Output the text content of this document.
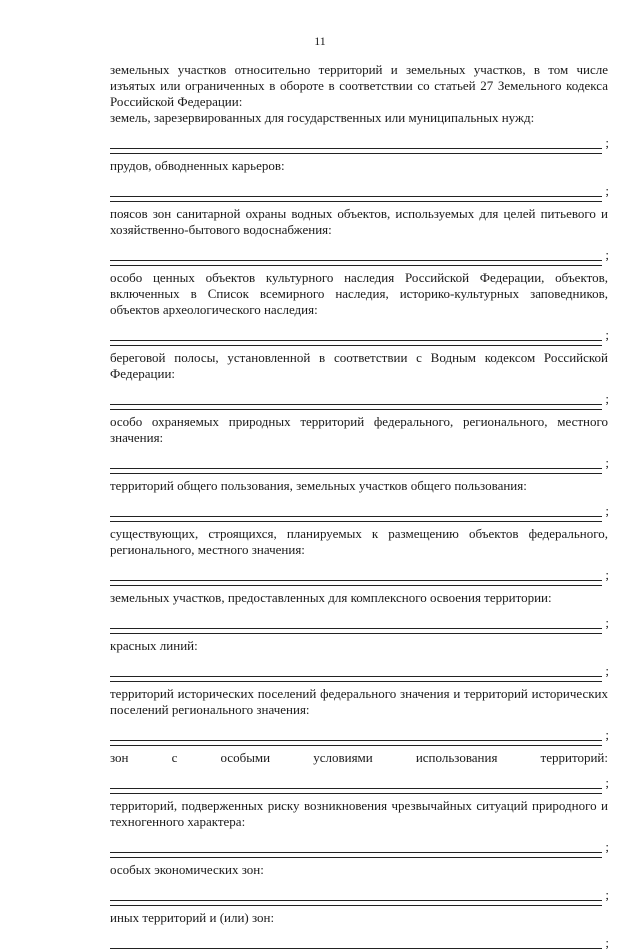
11

земельных участков относительно территорий и земельных участков, в том числе изъятых или ограниченных в обороте в соответствии со статьей 27 Земельного кодекса Российской Федерации:

земель, зарезервированных для государственных или муниципальных нужд:

;

прудов, обводненных карьеров:

;

поясов зон санитарной охраны водных объектов, используемых для целей питьевого и хозяйственно-бытового водоснабжения:

;

особо ценных объектов культурного наследия Российской Федерации, объектов, включенных в Список всемирного наследия, историко-культурных заповедников, объектов археологического наследия:

;

береговой полосы, установленной в соответствии с Водным кодексом Российской Федерации:

;

особо охраняемых природных территорий федерального, регионального, местного значения:

;

территорий общего пользования, земельных участков общего пользования:

;

существующих, строящихся, планируемых к размещению объектов федерального, регионального, местного значения:

;

земельных участков, предоставленных для комплексного освоения территории:

;

красных линий:

;

территорий исторических поселений федерального значения и территорий исторических поселений регионального значения:

;

зон с особыми условиями использования территорий:

;

территорий, подверженных риску возникновения чрезвычайных ситуаций природного и техногенного характера:

;

особых экономических зон:

;

иных территорий и (или) зон:

;
